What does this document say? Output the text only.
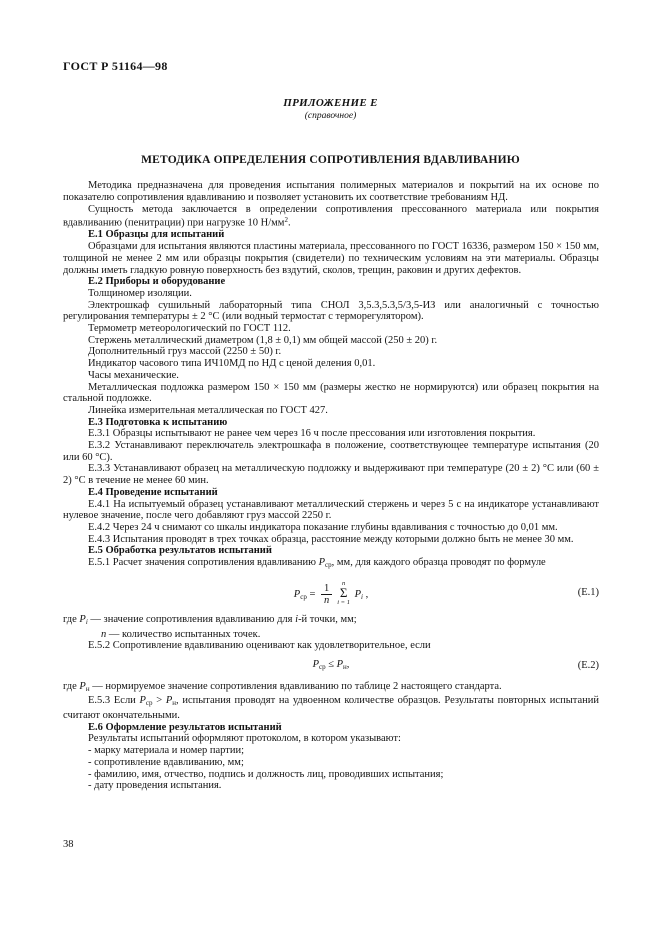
ГОСТ Р 51164—98
ПРИЛОЖЕНИЕ Е
(справочное)
МЕТОДИКА ОПРЕДЕЛЕНИЯ СОПРОТИВЛЕНИЯ ВДАВЛИВАНИЮ

Методика предназначена для проведения испытания полимерных материалов и покрытий на их основе по показателю сопротивления вдавливанию и позволяет установить их соответствие требованиям НД.

Сущность метода заключается в определении сопротивления прессованного материала или покрытия вдавливанию (пенитрации) при нагрузке 10 $Н/мм^2$.

Е.1 Образцы для испытаний

Образцами для испытания являются пластины материала, прессованного по ГОСТ 16336, размером 150 × 150 мм, толщиной не менее 2 мм или образцы покрытия (свидетели) по техническим условиям на эти материалы. Образцы должны иметь гладкую ровную поверхность без вздутий, сколов, трещин, раковин и других дефектов.

Е.2 Приборы и оборудование

Толщиномер изоляции.

Электрошкаф сушильный лабораторный типа СНОЛ 3,5.3,5.3,5/3,5-ИЗ или аналогичный с точностью регулирования температуры ± 2 °С (или водный термостат с терморегулятором).

Термометр метеорологический по ГОСТ 112.

Стержень металлический диаметром (1,8 ± 0,1) мм общей массой (250 ± 20) г.

Дополнительный груз массой (2250 ± 50) г.

Индикатор часового типа ИЧ10МД по НД с ценой деления 0,01.

Часы механические.

Металлическая подложка размером 150 × 150 мм (размеры жестко не нормируются) или образец покрытия на стальной подложке.

Линейка измерительная металлическая по ГОСТ 427.

Е.3 Подготовка к испытанию

Е.3.1 Образцы испытывают не ранее чем через 16 ч после прессования или изготовления покрытия.

Е.3.2 Устанавливают переключатель электрошкафа в положение, соответствующее температуре испытания (20 или 60 °С).

Е.3.3 Устанавливают образец на металлическую подложку и выдерживают при температуре (20 ± 2) °С или (60 ± 2) °С в течение не менее 60 мин.

Е.4 Проведение испытаний

Е.4.1 На испытуемый образец устанавливают металлический стержень и через 5 с на индикаторе устанавливают нулевое значение, после чего добавляют груз массой 2250 г.

Е.4.2 Через 24 ч снимают со шкалы индикатора показание глубины вдавливания с точностью до 0,01 мм.

Е.4.3 Испытания проводят в трех точках образца, расстояние между которыми должно быть не менее 30 мм.

Е.5 Обработка результатов испытаний

Е.5.1 Расчет значения сопротивления вдавливанию Рср, мм, для каждого образца проводят по формуле

Рср = $\frac{1}{n}$	n
Σ
i = 1
Рi ,	(Е.1)

где Рi — значение сопротивления вдавливанию для i-й точки, мм;

n — количество испытанных точек.

Е.5.2 Сопротивление вдавливанию оценивают как удовлетворительное, если

Рср ≤ Рн,	(Е.2)

где Рн — нормируемое значение сопротивления вдавливанию по таблице 2 настоящего стандарта.

Е.5.3 Если Рср > Рн, испытания проводят на удвоенном количестве образцов. Результаты повторных испытаний считают окончательными.

Е.6 Оформление результатов испытаний

Результаты испытаний оформляют протоколом, в котором указывают:

- марку материала и номер партии;

- сопротивление вдавливанию, мм;

- фамилию, имя, отчество, подпись и должность лиц, проводивших испытания;

- дату проведения испытания.

38
